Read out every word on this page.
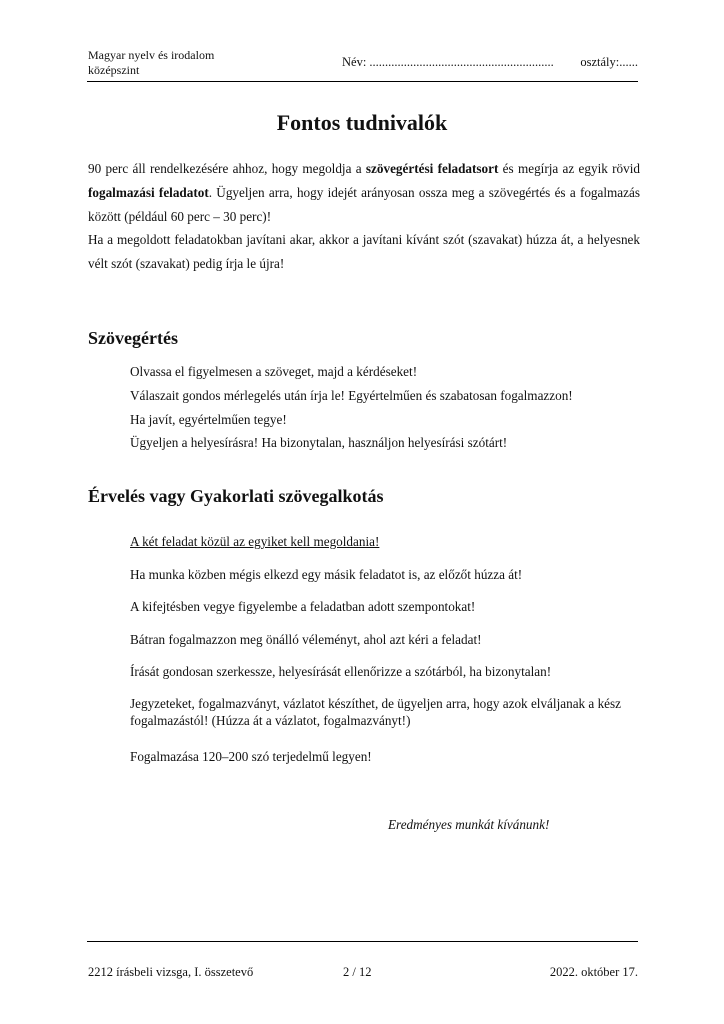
Magyar nyelv és irodalom
középszint
Név: ........................................................... osztály:......
Fontos tudnivalók

90 perc áll rendelkezésére ahhoz, hogy megoldja a szövegértési feladatsort és megírja az egyik rövid fogalmazási feladatot. Ügyeljen arra, hogy idejét arányosan ossza meg a szövegértés és a fogalmazás között (például 60 perc – 30 perc)!

Ha a megoldott feladatokban javítani akar, akkor a javítani kívánt szót (szavakat) húzza át, a helyesnek vélt szót (szavakat) pedig írja le újra!

Szövegértés
Olvassa el figyelmesen a szöveget, majd a kérdéseket!
Válaszait gondos mérlegelés után írja le! Egyértelműen és szabatosan fogalmazzon!
Ha javít, egyértelműen tegye!
Ügyeljen a helyesírásra! Ha bizonytalan, használjon helyesírási szótárt!
Érvelés vagy Gyakorlati szövegalkotás
A két feladat közül az egyiket kell megoldania!
Ha munka közben mégis elkezd egy másik feladatot is, az előzőt húzza át!
A kifejtésben vegye figyelembe a feladatban adott szempontokat!
Bátran fogalmazzon meg önálló véleményt, ahol azt kéri a feladat!
Írását gondosan szerkessze, helyesírását ellenőrizze a szótárból, ha bizonytalan!
Jegyzeteket, fogalmazványt, vázlatot készíthet, de ügyeljen arra, hogy azok elváljanak a kész fogalmazástól! (Húzza át a vázlatot, fogalmazványt!)
Fogalmazása 120–200 szó terjedelmű legyen!
Eredményes munkát kívánunk!
2212 írásbeli vizsga, I. összetevő	2 / 12	2022. október 17.
